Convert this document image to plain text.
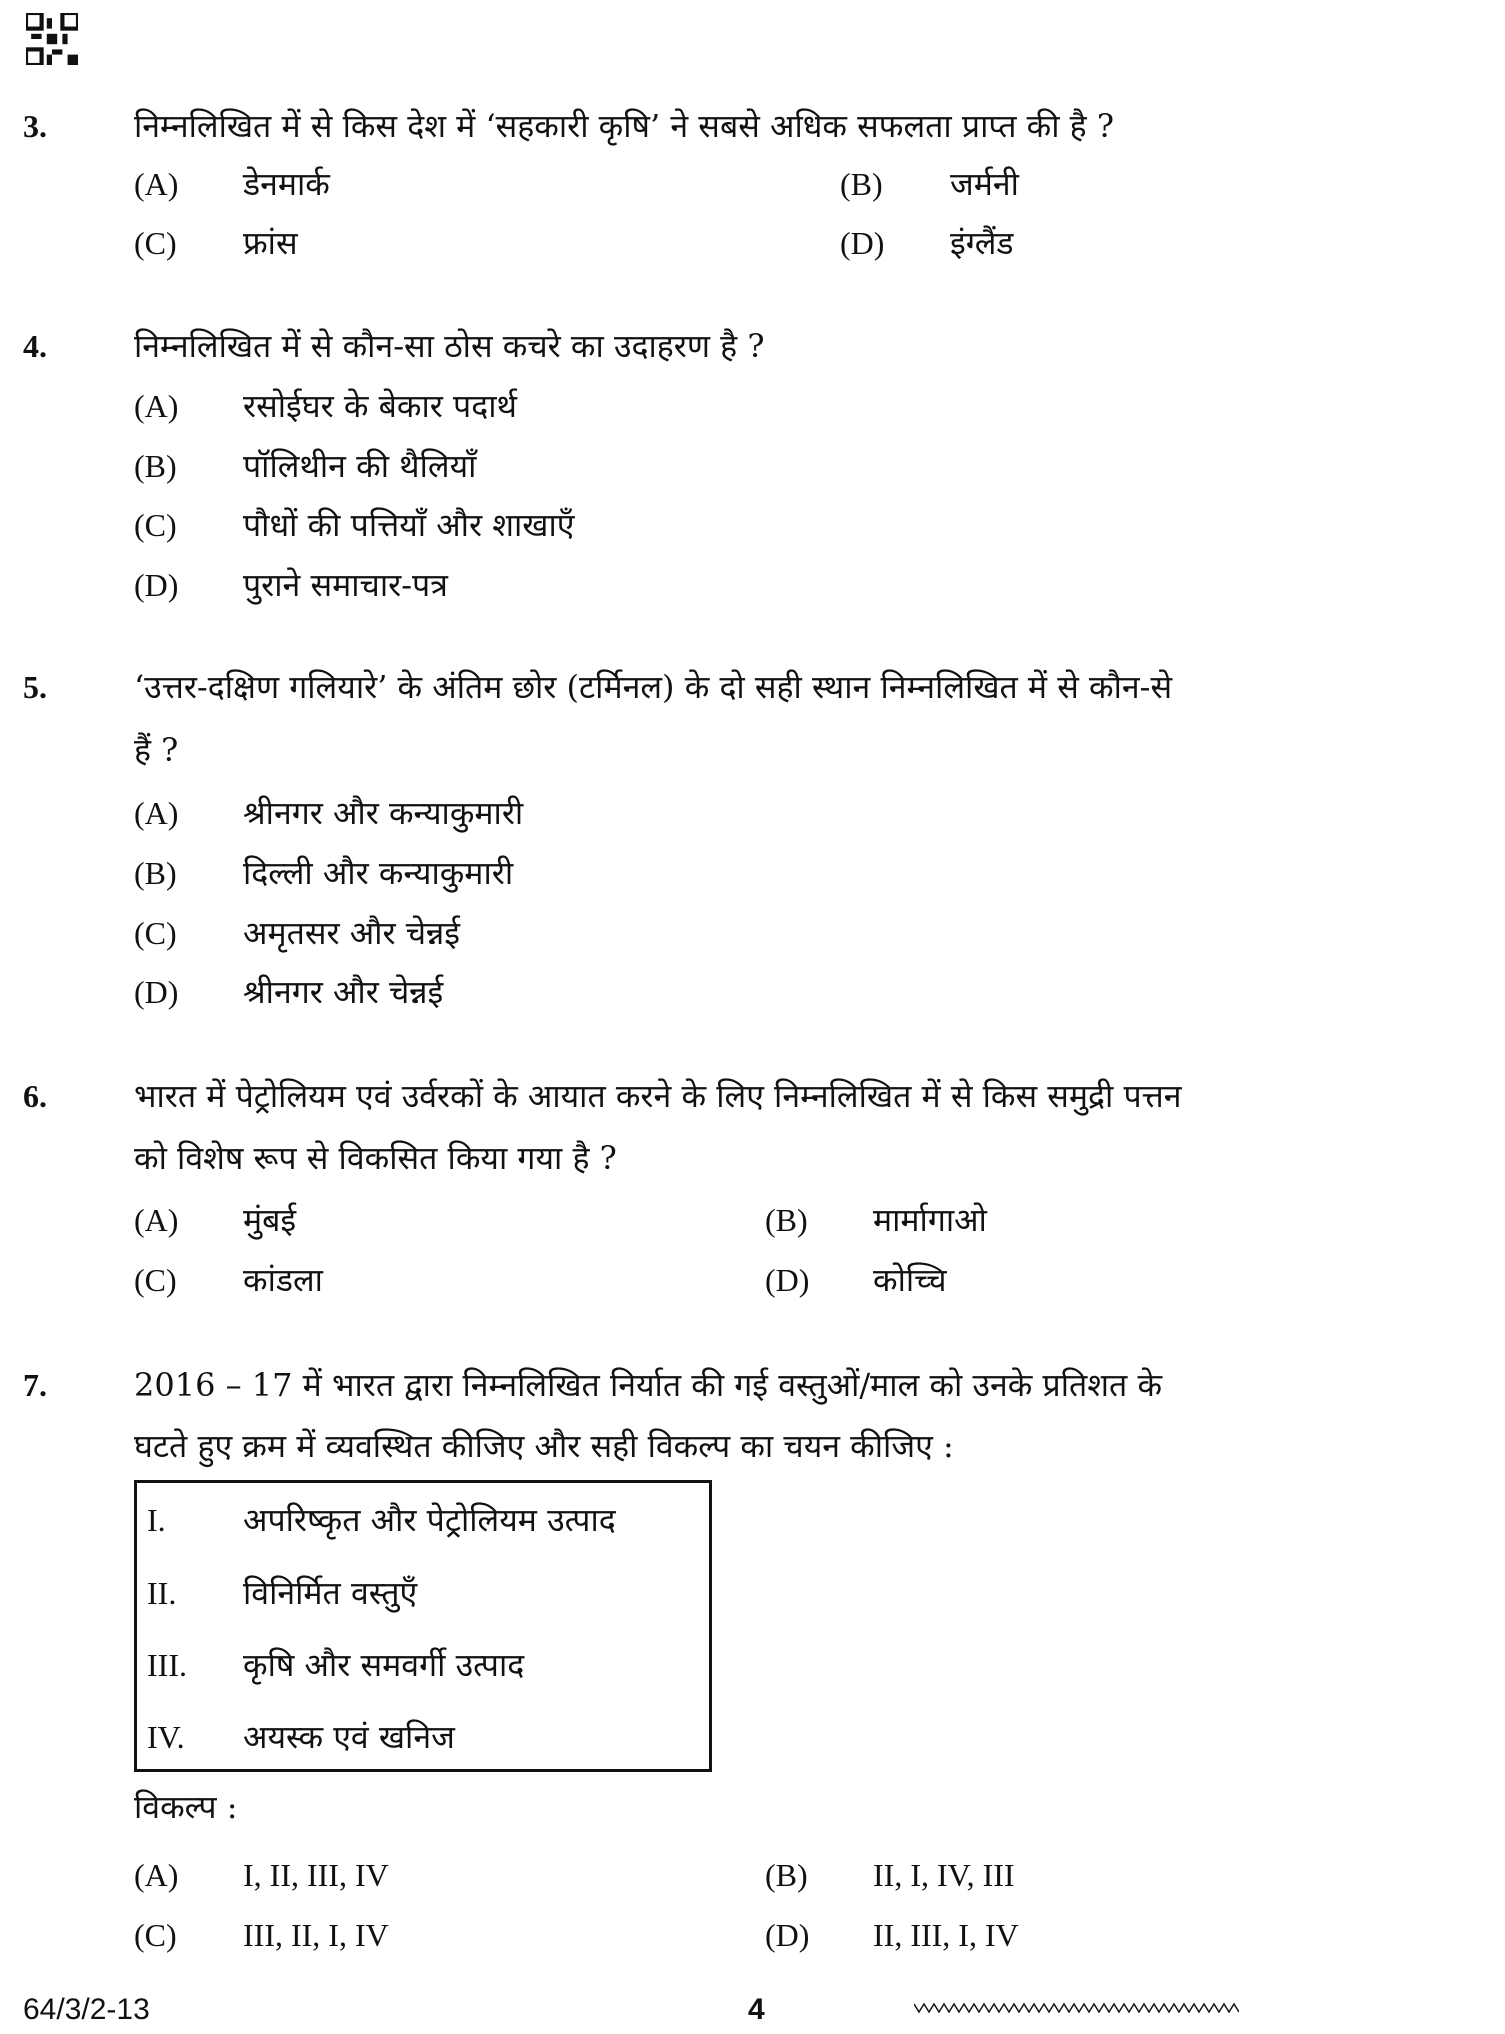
3.	निम्नलिखित में से किस देश में ‘सहकारी कृषि’ ने सबसे अधिक सफलता प्राप्त की है ?
(A) डेनमार्क	(B) जर्मनी
(C) फ्रांस	(D) इंग्लैंड
4.	निम्नलिखित में से कौन-सा ठोस कचरे का उदाहरण है ?
(A) रसोईघर के बेकार पदार्थ
(B) पॉलिथीन की थैलियाँ
(C) पौधों की पत्तियाँ और शाखाएँ
(D) पुराने समाचार-पत्र
5.	‘उत्तर-दक्षिण गलियारे’ के अंतिम छोर (टर्मिनल) के दो सही स्थान निम्नलिखित में से कौन-से
हैं ?
(A) श्रीनगर और कन्याकुमारी
(B) दिल्ली और कन्याकुमारी
(C) अमृतसर और चेन्नई
(D) श्रीनगर और चेन्नई
6.	भारत में पेट्रोलियम एवं उर्वरकों के आयात करने के लिए निम्नलिखित में से किस समुद्री पत्तन
को विशेष रूप से विकसित किया गया है ?
(A) मुंबई	(B) मार्मागाओ
(C) कांडला	(D) कोच्चि
7.	2016 – 17 में भारत द्वारा निम्नलिखित निर्यात की गई वस्तुओं/माल को उनके प्रतिशत के
घटते हुए क्रम में व्यवस्थित कीजिए और सही विकल्प का चयन कीजिए :
I. अपरिष्कृत और पेट्रोलियम उत्पाद
II. विनिर्मित वस्तुएँ
III. कृषि और समवर्गी उत्पाद
IV. अयस्क एवं खनिज
विकल्प :
(A) I, II, III, IV	(B) II, I, IV, III
(C) III, II, I, IV	(D) II, III, I, IV
64/3/2-13	4
